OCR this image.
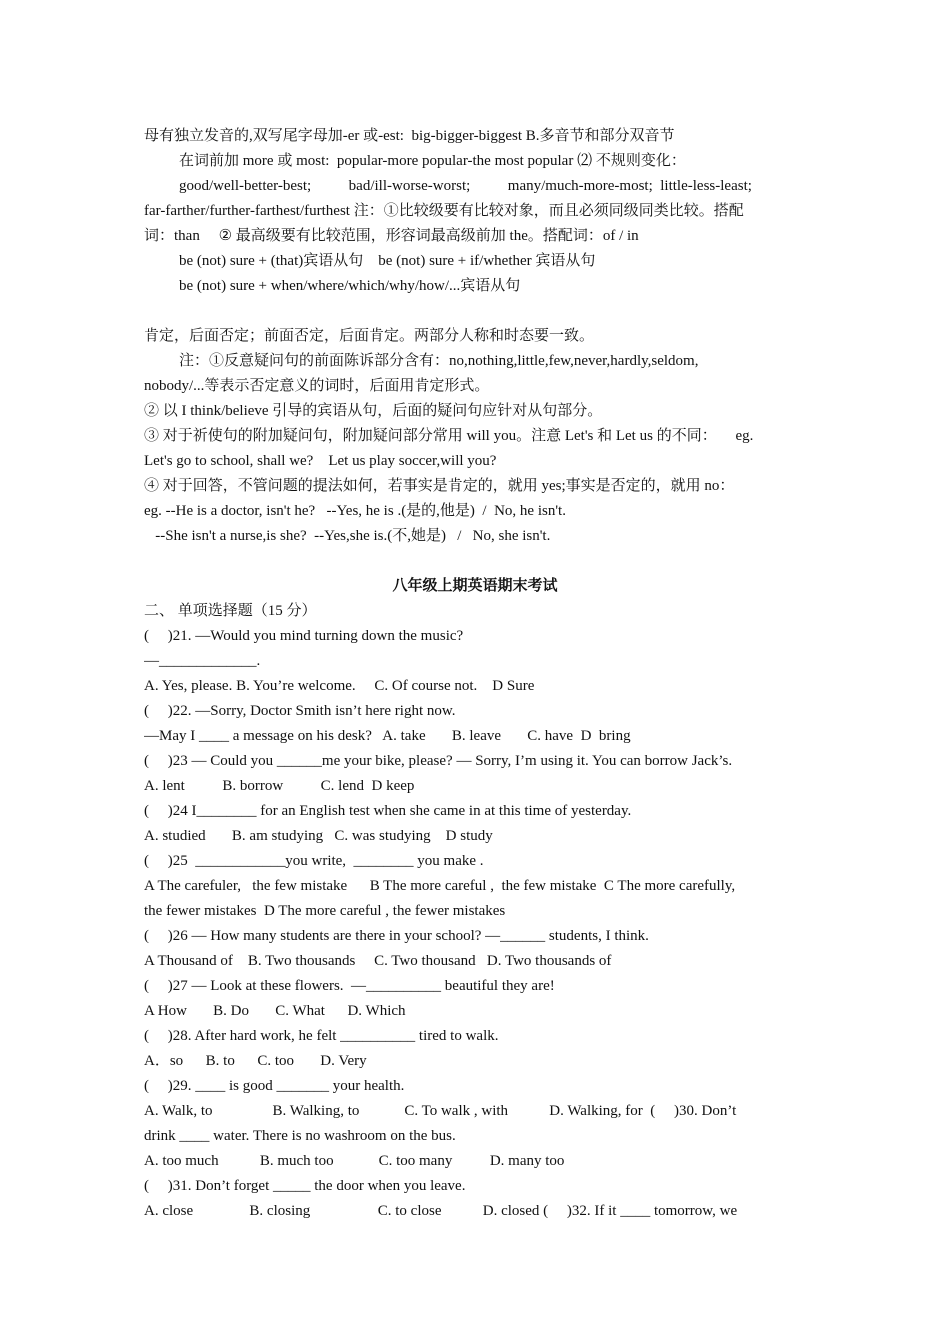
母有独立发音的,双写尾字母加-er 或-est:  big-bigger-biggest B.多音节和部分双音节
在词前加 more 或 most:  popular-more popular-the most popular ⑵ 不规则变化：
good/well-better-best;          bad/ill-worse-worst;          many/much-more-most;  little-less-least;
far-farther/further-farthest/furthest 注：①比较级要有比较对象，而且必须同级同类比较。搭配
词：than     ② 最高级要有比较范围，形容词最高级前加 the。搭配词：of / in
be (not) sure + (that)宾语从句    be (not) sure + if/whether 宾语从句
be (not) sure + when/where/which/why/how/...宾语从句

肯定，后面否定；前面否定，后面肯定。两部分人称和时态要一致。
注：①反意疑问句的前面陈诉部分含有：no,nothing,little,few,never,hardly,seldom,
nobody/...等表示否定意义的词时，后面用肯定形式。
② 以 I think/believe 引导的宾语从句，后面的疑问句应针对从句部分。
③ 对于祈使句的附加疑问句，附加疑问部分常用 will you。注意 Let's 和 Let us 的不同：     eg.
Let's go to school, shall we?    Let us play soccer,will you?
④ 对于回答，不管问题的提法如何，若事实是肯定的，就用 yes;事实是否定的，就用 no：
eg. --He is a doctor, isn't he?   --Yes, he is .(是的,他是)  /  No, he isn't.
--She isn't a nurse,is she?  --Yes,she is.(不,她是)   /   No, she isn't.
八年级上期英语期末考试
二、 单项选择题（15 分）
(     )21. —Would you mind turning down the music?
—_____________.
A. Yes, please. B. You’re welcome.     C. Of course not.    D Sure
(     )22. —Sorry, Doctor Smith isn’t here right now.
—May I ____ a message on his desk?   A. take       B. leave       C. have  D  bring
(     )23 — Could you ______me your bike, please? — Sorry, I’m using it. You can borrow Jack’s.
A. lent          B. borrow          C. lend  D keep
(     )24 I________ for an English test when she came in at this time of yesterday.
A. studied       B. am studying   C. was studying    D study
(     )25  ____________you write,  ________ you make .
A The carefuler,   the few mistake      B The more careful ,  the few mistake  C The more carefully,
the fewer mistakes  D The more careful , the fewer mistakes
(     )26 — How many students are there in your school? —______ students, I think.
A Thousand of    B. Two thousands     C. Two thousand   D. Two thousands of
(     )27 — Look at these flowers.  —__________ beautiful they are!
A How       B. Do       C. What      D. Which
(     )28. After hard work, he felt __________ tired to walk.
A．so      B. to      C. too       D. Very
(     )29. ____ is good _______ your health.
A. Walk, to                B. Walking, to            C. To walk , with           D. Walking, for  (     )30. Don’t
drink ____ water. There is no washroom on the bus.
A. too much           B. much too            C. too many          D. many too
(     )31. Don’t forget _____ the door when you leave.
A. close               B. closing                  C. to close           D. closed (     )32. If it ____ tomorrow, we
